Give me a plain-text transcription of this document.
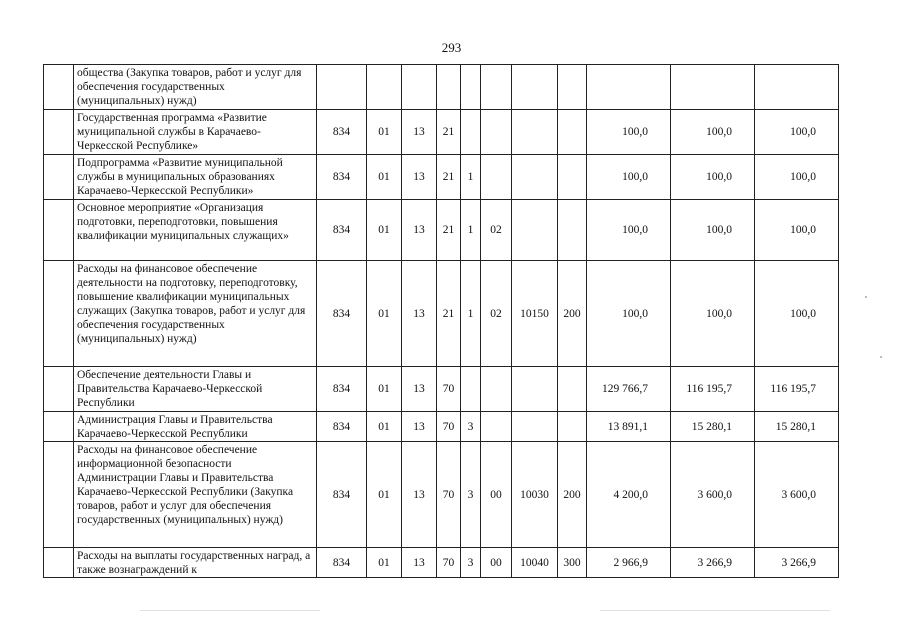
293
	общества (Закупка товаров, работ и услуг для обеспечения государственных (муниципальных) нужд)											
	Государственная программа «Развитие муниципальной службы в Карачаево-Черкесской Республике»	834	01	13	21					100,0	100,0	100,0
	Подпрограмма «Развитие муниципальной службы в муниципальных образованиях Карачаево-Черкесской Республики»	834	01	13	21	1				100,0	100,0	100,0
	Основное мероприятие «Организация подготовки, переподготовки, повышения квалификации муниципальных служащих»	834	01	13	21	1	02			100,0	100,0	100,0
	Расходы на финансовое обеспечение деятельности на подготовку, переподготовку, повышение квалификации муниципальных служащих (Закупка товаров, работ и услуг для обеспечения государственных (муниципальных) нужд)	834	01	13	21	1	02	10150	200	100,0	100,0	100,0
	Обеспечение деятельности Главы и Правительства Карачаево-Черкесской Республики	834	01	13	70					129 766,7	116 195,7	116 195,7
	Администрация Главы и Правительства Карачаево-Черкесской Республики	834	01	13	70	3				13 891,1	15 280,1	15 280,1
	Расходы на финансовое обеспечение информационной безопасности Администрации Главы и Правительства Карачаево-Черкесской Республики (Закупка товаров, работ и услуг для обеспечения государственных (муниципальных) нужд)	834	01	13	70	3	00	10030	200	4 200,0	3 600,0	3 600,0
	Расходы на выплаты государственных наград, а также вознаграждений к	834	01	13	70	3	00	10040	300	2 966,9	3 266,9	3 266,9
